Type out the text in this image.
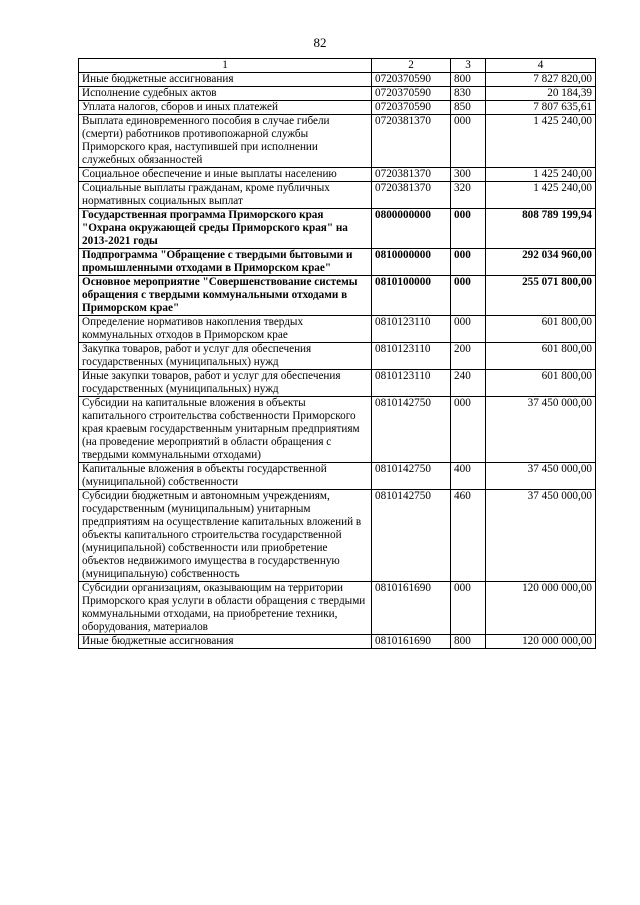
82
1	2	3	4
Иные бюджетные ассигнования	0720370590	800	7 827 820,00
Исполнение судебных актов	0720370590	830	20 184,39
Уплата налогов, сборов и иных платежей	0720370590	850	7 807 635,61
Выплата единовременного пособия в случае гибели (смерти) работников противопожарной службы Приморского края, наступившей при исполнении служебных обязанностей	0720381370	000	1 425 240,00
Социальное обеспечение и иные выплаты населению	0720381370	300	1 425 240,00
Социальные выплаты гражданам, кроме публичных нормативных социальных выплат	0720381370	320	1 425 240,00
Государственная программа Приморского края "Охрана окружающей среды Приморского края" на 2013-2021 годы	0800000000	000	808 789 199,94
Подпрограмма "Обращение с твердыми бытовыми и промышленными отходами в Приморском крае"	0810000000	000	292 034 960,00
Основное мероприятие "Совершенствование системы обращения с твердыми коммунальными отходами в Приморском крае"	0810100000	000	255 071 800,00
Определение нормативов накопления твердых коммунальных отходов в Приморском крае	0810123110	000	601 800,00
Закупка товаров, работ и услуг для обеспечения государственных (муниципальных) нужд	0810123110	200	601 800,00
Иные закупки товаров, работ и услуг для обеспечения государственных (муниципальных) нужд	0810123110	240	601 800,00
Субсидии на капитальные вложения в объекты капитального строительства собственности Приморского края краевым государственным унитарным предприятиям (на проведение мероприятий в области обращения с твердыми коммунальными отходами)	0810142750	000	37 450 000,00
Капитальные вложения в объекты государственной (муниципальной) собственности	0810142750	400	37 450 000,00
Субсидии бюджетным и автономным учреждениям, государственным (муниципальным) унитарным предприятиям на осуществление капитальных вложений в объекты капитального строительства государственной (муниципальной) собственности или приобретение объектов недвижимого имущества в государственную (муниципальную) собственность	0810142750	460	37 450 000,00
Субсидии организациям, оказывающим на территории Приморского края услуги в области обращения с твердыми коммунальными отходами, на приобретение техники, оборудования, материалов	0810161690	000	120 000 000,00
Иные бюджетные ассигнования	0810161690	800	120 000 000,00
